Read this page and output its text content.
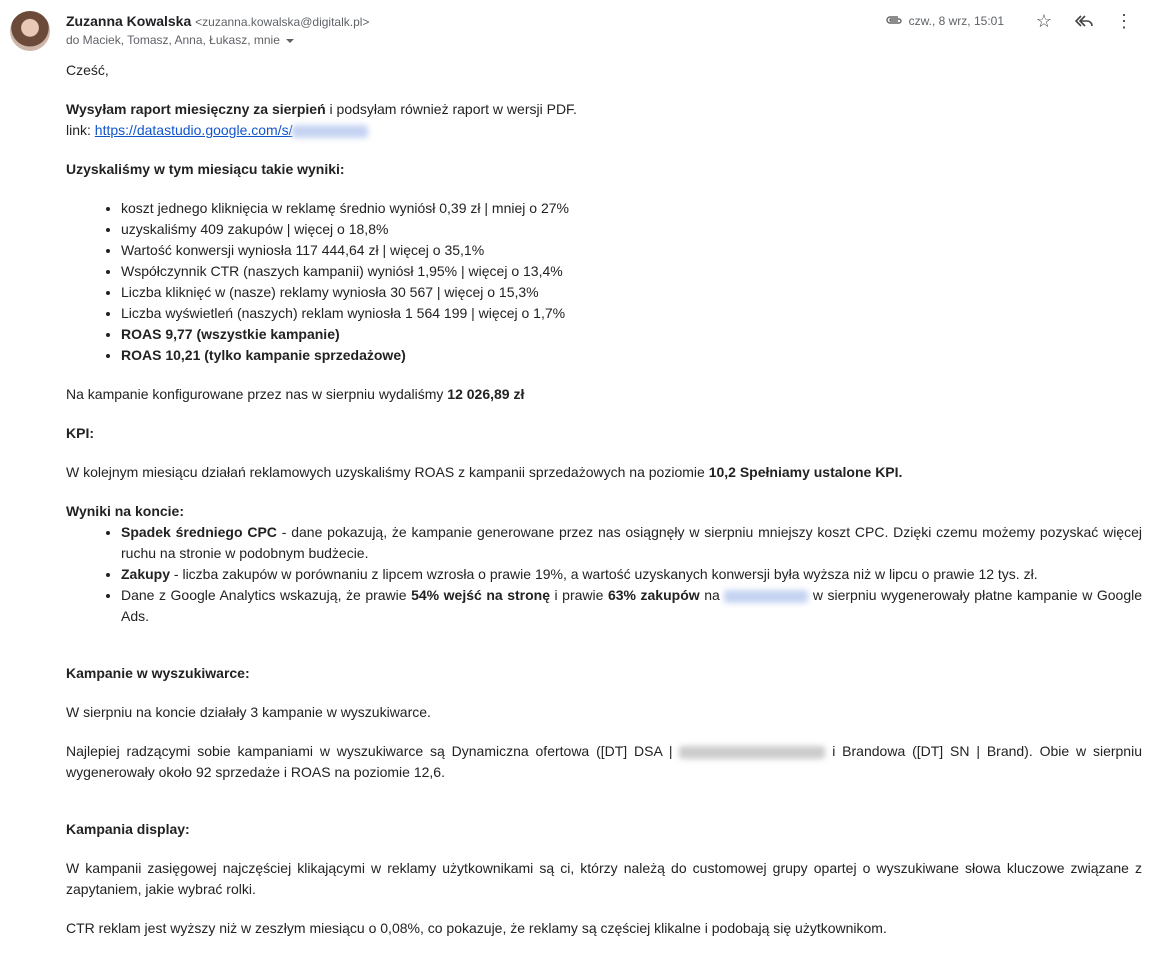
Zuzanna Kowalska <zuzanna.kowalska@digitalk.pl>
do Maciek, Tomasz, Anna, Łukasz, mnie
czw., 8 wrz, 15:01	☆	⋮

Cześć,

Wysyłam raport miesięczny za sierpień i podsyłam również raport w wersji PDF.
link: https://datastudio.google.com/s/

Uzyskaliśmy w tym miesiącu takie wyniki:

• koszt jednego kliknięcia w reklamę średnio wyniósł 0,39 zł | mniej o 27%
• uzyskaliśmy 409 zakupów | więcej o 18,8%
• Wartość konwersji wyniosła 117 444,64 zł | więcej o 35,1%
• Współczynnik CTR (naszych kampanii) wyniósł 1,95% | więcej o 13,4%
• Liczba kliknięć w (nasze) reklamy wyniosła 30 567 | więcej o 15,3%
• Liczba wyświetleń (naszych) reklam wyniosła 1 564 199 | więcej o 1,7%
• ROAS 9,77 (wszystkie kampanie)
• ROAS 10,21 (tylko kampanie sprzedażowe)

Na kampanie konfigurowane przez nas w sierpniu wydaliśmy 12 026,89 zł

KPI:

W kolejnym miesiącu działań reklamowych uzyskaliśmy ROAS z kampanii sprzedażowych na poziomie 10,2 Spełniamy ustalone KPI.

Wyniki na koncie:
• Spadek średniego CPC - dane pokazują, że kampanie generowane przez nas osiągnęły w sierpniu mniejszy koszt CPC. Dzięki czemu możemy pozyskać więcej ruchu na stronie w podobnym budżecie.
• Zakupy - liczba zakupów w porównaniu z lipcem wzrosła o prawie 19%, a wartość uzyskanych konwersji była wyższa niż w lipcu o prawie 12 tys. zł.
• Dane z Google Analytics wskazują, że prawie 54% wejść na stronę i prawie 63% zakupów na	w sierpniu wygenerowały płatne kampanie w Google Ads.

Kampanie w wyszukiwarce:

W sierpniu na koncie działały 3 kampanie w wyszukiwarce.

Najlepiej radzącymi sobie kampaniami w wyszukiwarce są Dynamiczna ofertowa ([DT] DSA |	i Brandowa ([DT] SN | Brand). Obie w sierpniu wygenerowały około 92 sprzedaże i ROAS na poziomie 12,6.

Kampania display:

W kampanii zasięgowej najczęściej klikającymi w reklamy użytkownikami są ci, którzy należą do customowej grupy opartej o wyszukiwane słowa kluczowe związane z zapytaniem, jakie wybrać rolki.

CTR reklam jest wyższy niż w zeszłym miesiącu o 0,08%, co pokazuje, że reklamy są częściej klikalne i podobają się użytkownikom.
